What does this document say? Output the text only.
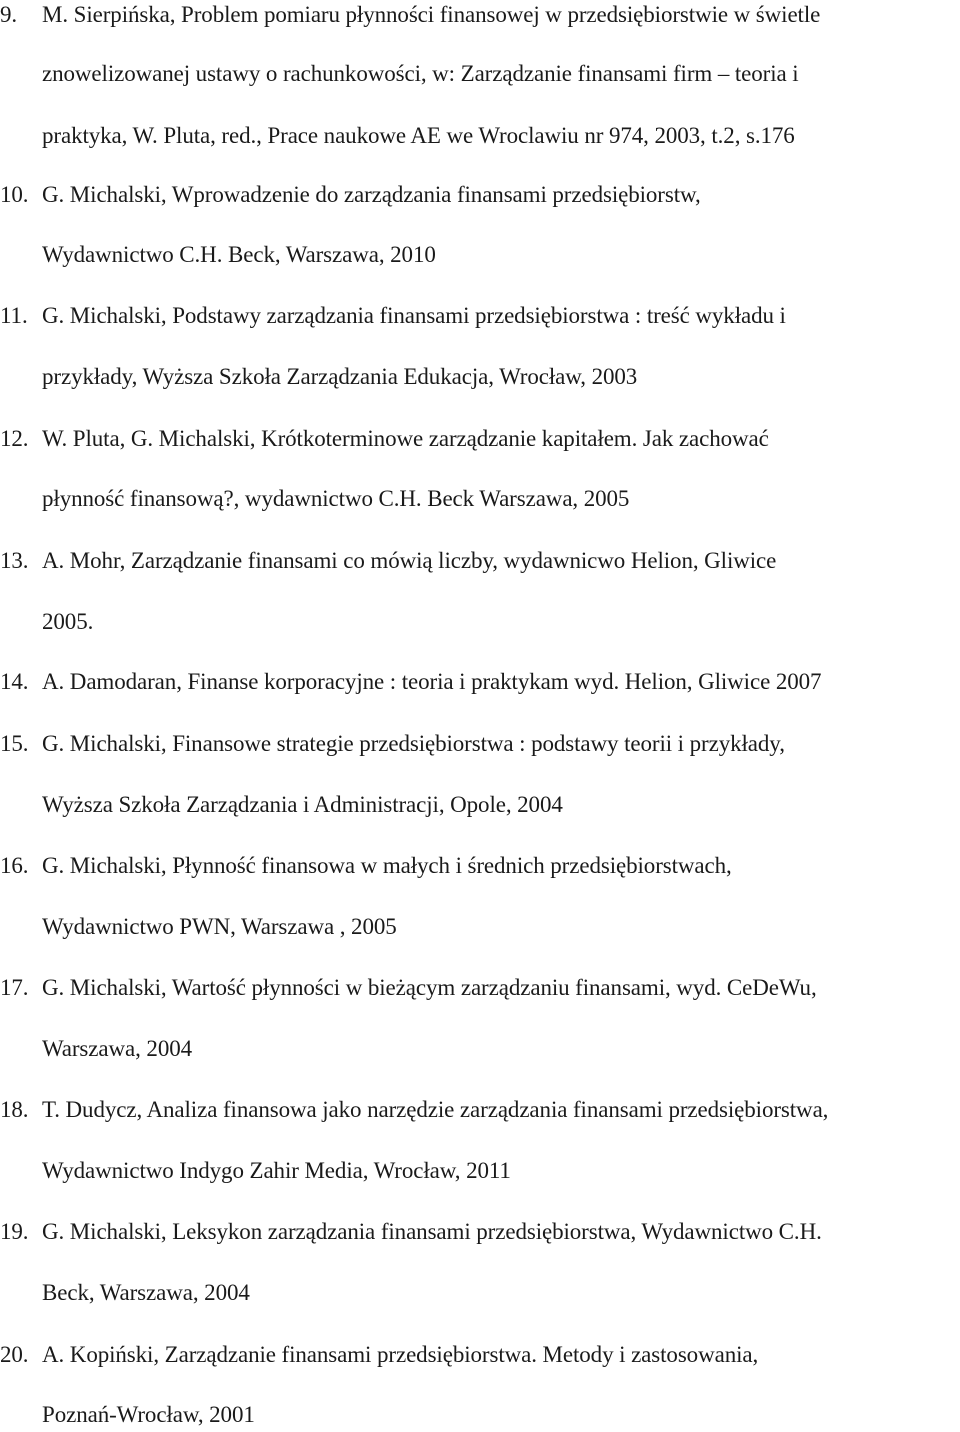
9. M. Sierpińska, Problem pomiaru płynności finansowej w przedsiębiorstwie w świetle
znowelizowanej ustawy o rachunkowości, w: Zarządzanie finansami firm – teoria i
praktyka, W. Pluta, red., Prace naukowe AE we Wroclawiu nr 974, 2003, t.2, s.176
10. G. Michalski, Wprowadzenie do zarządzania finansami przedsiębiorstw,
Wydawnictwo C.H. Beck, Warszawa, 2010
11. G. Michalski, Podstawy zarządzania finansami przedsiębiorstwa : treść wykładu i
przykłady, Wyższa Szkoła Zarządzania Edukacja, Wrocław, 2003
12. W. Pluta, G. Michalski, Krótkoterminowe zarządzanie kapitałem. Jak zachować
płynność finansową?, wydawnictwo C.H. Beck Warszawa, 2005
13. A. Mohr, Zarządzanie finansami co mówią liczby, wydawnicwo Helion, Gliwice
2005.
14. A. Damodaran, Finanse korporacyjne : teoria i praktykam wyd. Helion, Gliwice 2007
15. G. Michalski, Finansowe strategie przedsiębiorstwa : podstawy teorii i przykłady,
Wyższa Szkoła Zarządzania i Administracji, Opole, 2004
16. G. Michalski, Płynność finansowa w małych i średnich przedsiębiorstwach,
Wydawnictwo PWN, Warszawa , 2005
17. G. Michalski, Wartość płynności w bieżącym zarządzaniu finansami, wyd. CeDeWu,
Warszawa, 2004
18. T. Dudycz, Analiza finansowa jako narzędzie zarządzania finansami przedsiębiorstwa,
Wydawnictwo Indygo Zahir Media, Wrocław, 2011
19. G. Michalski, Leksykon zarządzania finansami przedsiębiorstwa, Wydawnictwo C.H.
Beck, Warszawa, 2004
20. A. Kopiński, Zarządzanie finansami przedsiębiorstwa. Metody i zastosowania,
Poznań-Wrocław, 2001
